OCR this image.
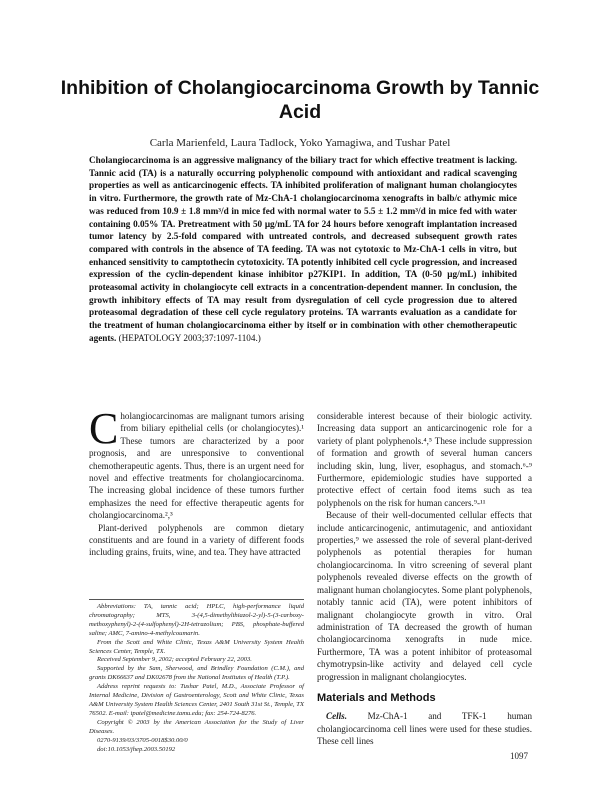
Inhibition of Cholangiocarcinoma Growth by Tannic Acid
Carla Marienfeld, Laura Tadlock, Yoko Yamagiwa, and Tushar Patel
Cholangiocarcinoma is an aggressive malignancy of the biliary tract for which effective treatment is lacking. Tannic acid (TA) is a naturally occurring polyphenolic compound with antioxidant and radical scavenging properties as well as anticarcinogenic effects. TA inhibited proliferation of malignant human cholangiocytes in vitro. Furthermore, the growth rate of Mz-ChA-1 cholangiocarcinoma xenografts in balb/c athymic mice was reduced from 10.9 ± 1.8 mm³/d in mice fed with normal water to 5.5 ± 1.2 mm³/d in mice fed with water containing 0.05% TA. Pretreatment with 50 μg/mL TA for 24 hours before xenograft implantation increased tumor latency by 2.5-fold compared with untreated controls, and decreased subsequent growth rates compared with controls in the absence of TA feeding. TA was not cytotoxic to Mz-ChA-1 cells in vitro, but enhanced sensitivity to camptothecin cytotoxicity. TA potently inhibited cell cycle progression, and increased expression of the cyclin-dependent kinase inhibitor p27KIP1. In addition, TA (0-50 μg/mL) inhibited proteasomal activity in cholangiocyte cell extracts in a concentration-dependent manner. In conclusion, the growth inhibitory effects of TA may result from dysregulation of cell cycle progression due to altered proteasomal degradation of these cell cycle regulatory proteins. TA warrants evaluation as a candidate for the treatment of human cholangiocarcinoma either by itself or in combination with other chemotherapeutic agents. (HEPATOLOGY 2003;37:1097-1104.)

Cholangiocarcinomas are malignant tumors arising from biliary epithelial cells (or cholangiocytes).¹ These tumors are characterized by a poor prognosis, and are unresponsive to conventional chemotherapeutic agents. Thus, there is an urgent need for novel and effective treatments for cholangiocarcinoma. The increasing global incidence of these tumors further emphasizes the need for effective therapeutic agents for cholangiocarcinoma.²,³

Plant-derived polyphenols are common dietary constituents and are found in a variety of different foods including grains, fruits, wine, and tea. They have attracted

Abbreviations: TA, tannic acid; HPLC, high-performance liquid chromatography; MTS, 3-(4,5-dimethylthiazol-2-yl)-5-(3-carboxy-methoxyphenyl)-2-(4-sulfophenyl)-2H-tetrazolium; PBS, phosphate-buffered saline; AMC, 7-amino-4-methylcoumarin.

From the Scott and White Clinic, Texas A&M University System Health Sciences Center, Temple, TX.

Received September 9, 2002; accepted February 22, 2003.

Supported by the Sam, Sherwood, and Brindley Foundation (C.M.), and grants DK66637 and DK02678 from the National Institutes of Health (T.P.).

Address reprint requests to: Tushar Patel, M.D., Associate Professor of Internal Medicine, Division of Gastroenterology, Scott and White Clinic, Texas A&M University System Health Sciences Center, 2401 South 31st St., Temple, TX 76502. E-mail: tpatel@medicine.tamu.edu; fax: 254-724-8276.

Copyright © 2003 by the American Association for the Study of Liver Diseases.

0270-9139/03/3705-0018$30.00/0

doi:10.1053/jhep.2003.50192

considerable interest because of their biologic activity. Increasing data support an anticarcinogenic role for a variety of plant polyphenols.⁴,⁵ These include suppression of formation and growth of several human cancers including skin, lung, liver, esophagus, and stomach.⁶-⁹ Furthermore, epidemiologic studies have supported a protective effect of certain food items such as tea polyphenols on the risk for human cancers.⁹-¹¹

Because of their well-documented cellular effects that include anticarcinogenic, antimutagenic, and antioxidant properties,⁹ we assessed the role of several plant-derived polyphenols as potential therapies for human cholangiocarcinoma. In vitro screening of several plant polyphenols revealed diverse effects on the growth of malignant human cholangiocytes. Some plant polyphenols, notably tannic acid (TA), were potent inhibitors of malignant cholangiocyte growth in vitro. Oral administration of TA decreased the growth of human cholangiocarcinoma xenografts in nude mice. Furthermore, TA was a potent inhibitor of proteasomal chymotrypsin-like activity and delayed cell cycle progression in malignant cholangiocytes.

Materials and Methods

Cells. Mz-ChA-1 and TFK-1 human cholangiocarcinoma cell lines were used for these studies. These cell lines

1097
